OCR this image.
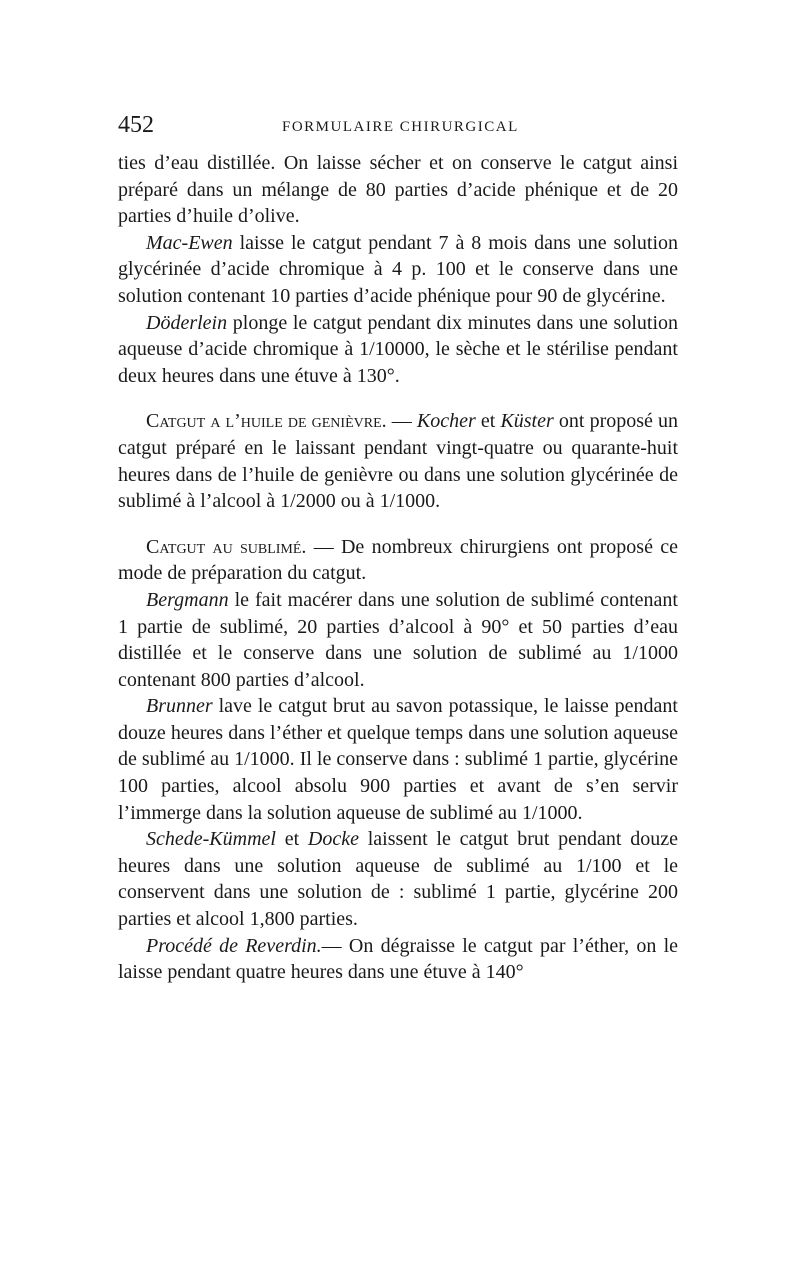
452	FORMULAIRE CHIRURGICAL

ties d’eau distillée. On laisse sécher et on conserve le catgut ainsi préparé dans un mélange de 80 parties d’acide phénique et de 20 parties d’huile d’olive.

Mac-Ewen laisse le catgut pendant 7 à 8 mois dans une solution glycérinée d’acide chromique à 4 p. 100 et le conserve dans une solution contenant 10 parties d’acide phénique pour 90 de glycérine.

Döderlein plonge le catgut pendant dix minutes dans une solution aqueuse d’acide chromique à 1/10000, le sèche et le stérilise pendant deux heures dans une étuve à 130°.

Catgut a l’huile de genièvre. — Kocher et Küster ont proposé un catgut préparé en le laissant pendant vingt-quatre ou quarante-huit heures dans de l’huile de genièvre ou dans une solution glycérinée de sublimé à l’alcool à 1/2000 ou à 1/1000.

Catgut au sublimé. — De nombreux chirurgiens ont proposé ce mode de préparation du catgut.

Bergmann le fait macérer dans une solution de sublimé contenant 1 partie de sublimé, 20 parties d’alcool à 90° et 50 parties d’eau distillée et le conserve dans une solution de sublimé au 1/1000 contenant 800 parties d’alcool.

Brunner lave le catgut brut au savon potassique, le laisse pendant douze heures dans l’éther et quelque temps dans une solution aqueuse de sublimé au 1/1000. Il le conserve dans : sublimé 1 partie, glycérine 100 parties, alcool absolu 900 parties et avant de s’en servir l’immerge dans la solution aqueuse de sublimé au 1/1000.

Schede-Kümmel et Docke laissent le catgut brut pendant douze heures dans une solution aqueuse de sublimé au 1/100 et le conservent dans une solution de : sublimé 1 partie, glycérine 200 parties et alcool 1,800 parties.

Procédé de Reverdin.— On dégraisse le catgut par l’éther, on le laisse pendant quatre heures dans une étuve à 140°
